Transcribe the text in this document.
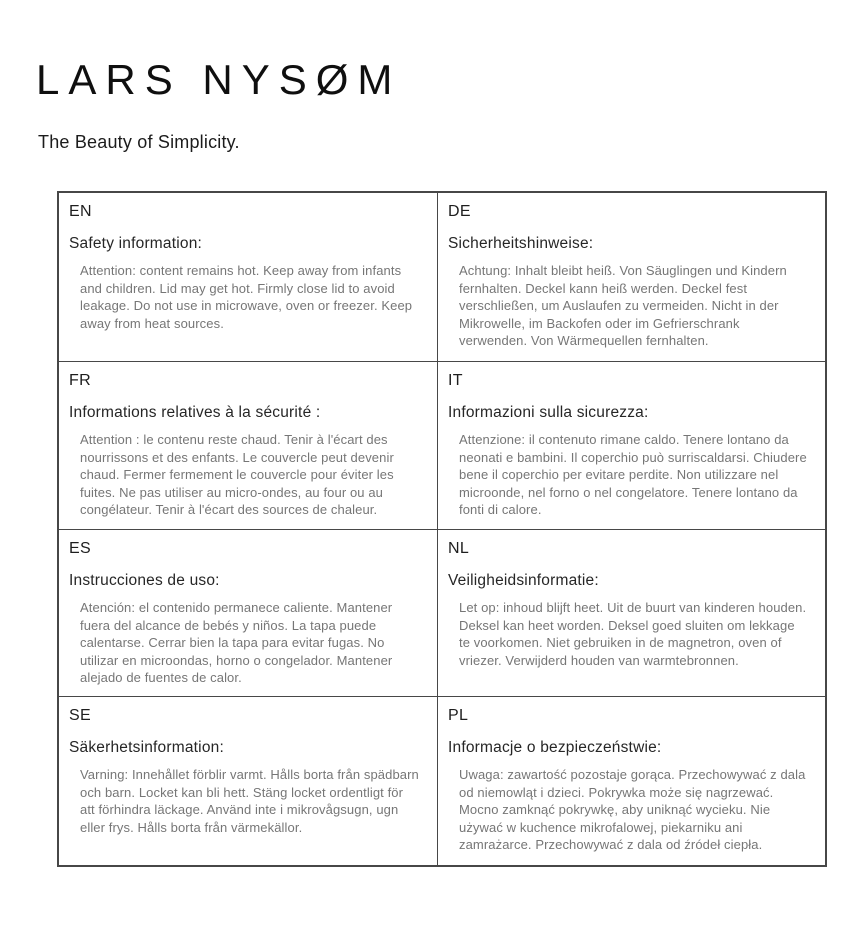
LARS NYSØM
The Beauty of Simplicity.
EN
Safety information:
Attention: content remains hot. Keep away from infants and children. Lid may get hot. Firmly close lid to avoid leakage. Do not use in microwave, oven or freezer. Keep away from heat sources.
DE
Sicherheitshinweise:
Achtung: Inhalt bleibt heiß. Von Säuglingen und Kindern fernhalten. Deckel kann heiß werden. Deckel fest verschließen, um Auslaufen zu vermeiden. Nicht in der Mikrowelle, im Backofen oder im Gefrierschrank verwenden. Von Wärmequellen fernhalten.
FR
Informations relatives à la sécurité :
Attention : le contenu reste chaud. Tenir à l'écart des nourrissons et des enfants. Le couvercle peut devenir chaud. Fermer fermement le couvercle pour éviter les fuites. Ne pas utiliser au micro-ondes, au four ou au congélateur. Tenir à l'écart des sources de chaleur.
IT
Informazioni sulla sicurezza:
Attenzione: il contenuto rimane caldo. Tenere lontano da neonati e bambini. Il coperchio può surriscaldarsi. Chiudere bene il coperchio per evitare perdite. Non utilizzare nel microonde, nel forno o nel congelatore. Tenere lontano da fonti di calore.
ES
Instrucciones de uso:
Atención: el contenido permanece caliente. Mantener fuera del alcance de bebés y niños. La tapa puede calentarse. Cerrar bien la tapa para evitar fugas. No utilizar en microondas, horno o congelador. Mantener alejado de fuentes de calor.
NL
Veiligheidsinformatie:
Let op: inhoud blijft heet. Uit de buurt van kinderen houden. Deksel kan heet worden. Deksel goed sluiten om lekkage te voorkomen. Niet gebruiken in de magnetron, oven of vriezer. Verwijderd houden van warmtebronnen.
SE
Säkerhetsinformation:
Varning: Innehållet förblir varmt. Hålls borta från spädbarn och barn. Locket kan bli hett. Stäng locket ordentligt för att förhindra läckage. Använd inte i mikrovågsugn, ugn eller frys. Hålls borta från värmekällor.
PL
Informacje o bezpieczeństwie:
Uwaga: zawartość pozostaje gorąca. Przechowywać z dala od niemowląt i dzieci. Pokrywka może się nagrzewać. Mocno zamknąć pokrywkę, aby uniknąć wycieku. Nie używać w kuchence mikrofalowej, piekarniku ani zamrażarce. Przechowywać z dala od źródeł ciepła.
